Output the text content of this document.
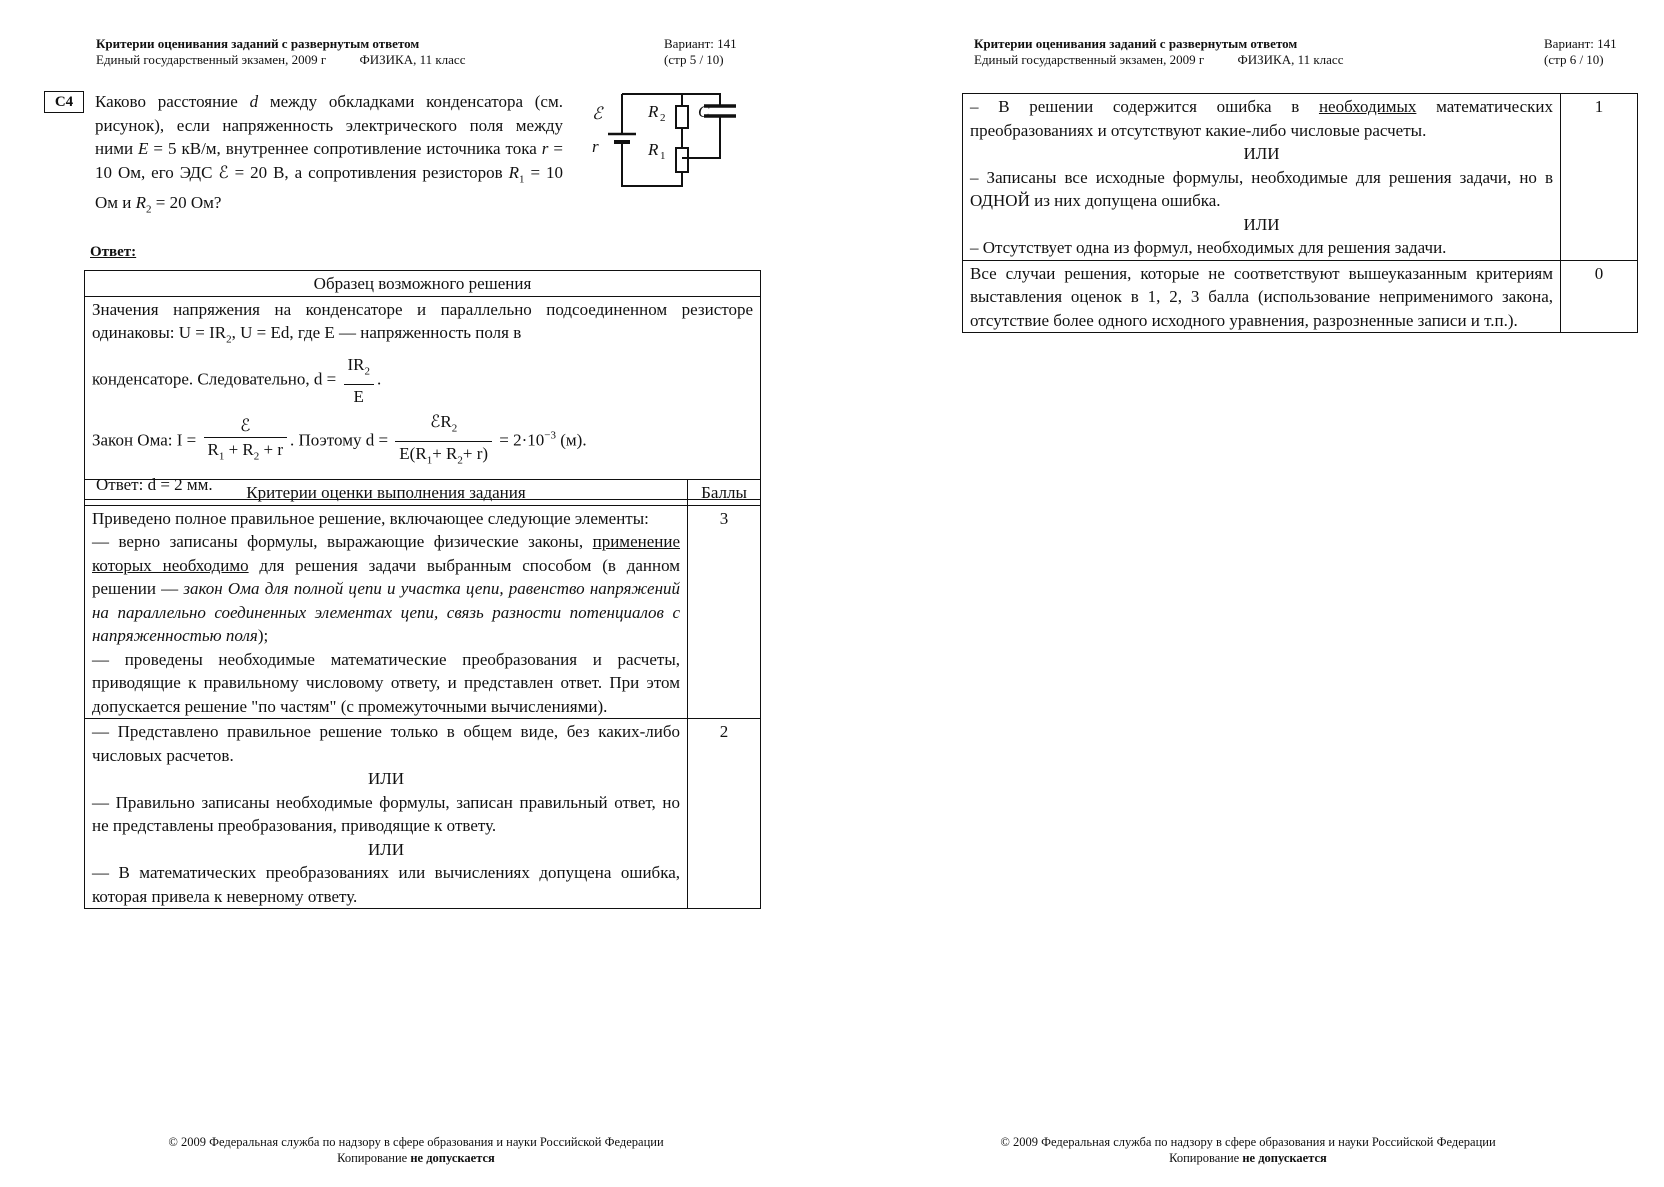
Критерии оценивания заданий с развернутым ответом
Единый государственный экзамен, 2009 г	ФИЗИКА, 11 класс
Вариант: 141
(стр 5 / 10)
С4	Каково расстояние d между обкладками конденсатора (см. рисунок), если напряженность электрического поля между ними E = 5 кВ/м, внутреннее сопротивление источника тока r = 10 Ом, его ЭДС ℰ = 20 В, а сопротивления резисторов $R_1 = 10$ Ом и $R_2 = 20$ Ом?
ℰ
r
R 2 C
R 1
Ответ:
Образец возможного решения

Значения напряжения на конденсаторе и параллельно подсоединенном резисторе одинаковы: $U = IR_2$, U = Ed, где E — напряженность поля в
конденсаторе. Следовательно, $d = \frac{IR_2}{E}$ .
Закон Ома: $I = \frac{\text{ℰ}}{R_1 + R_2 + r}$ . Поэтому $d = \frac{ℰR_2}{E(R_1+ R_2+ r)} = 2\cdot 10^{-3}$ (м).
Ответ: d = 2 мм.	Критерии оценки выполнения задания	Баллы

Приведено полное правильное решение, включающее следующие элементы:
— верно записаны формулы, выражающие физические законы, применение которых необходимо для решения задачи выбранным способом (в данном решении — закон Ома для полной цепи и участка цепи, равенство напряжений на параллельно соединенных элементах цепи, связь разности потенциалов с напряженностью поля);
— проведены необходимые математические преобразования и расчеты, приводящие к правильному числовому ответу, и представлен ответ. При этом допускается решение "по частям" (с промежуточными вычислениями).	3

— Представлено правильное решение только в общем виде, без каких-либо числовых расчетов.
ИЛИ
— Правильно записаны необходимые формулы, записан правильный ответ, но не представлены преобразования, приводящие к ответу.
ИЛИ
— В математических преобразованиях или вычислениях допущена ошибка, которая привела к неверному ответу.	2
© 2009 Федеральная служба по надзору в сфере образования и науки Российской Федерации
Копирование не допускается
Критерии оценивания заданий с развернутым ответом
Единый государственный экзамен, 2009 г	ФИЗИКА, 11 класс
Вариант: 141
(стр 6 / 10)
– В решении содержится ошибка в необходимых математических преобразованиях и отсутствуют какие-либо числовые расчеты.
ИЛИ
– Записаны все исходные формулы, необходимые для решения задачи, но в ОДНОЙ из них допущена ошибка.
ИЛИ
– Отсутствует одна из формул, необходимых для решения задачи.	1
Все случаи решения, которые не соответствуют вышеуказанным критериям выставления оценок в 1, 2, 3 балла (использование неприменимого закона, отсутствие более одного исходного уравнения, разрозненные записи и т.п.).	0
© 2009 Федеральная служба по надзору в сфере образования и науки Российской Федерации
Копирование не допускается
